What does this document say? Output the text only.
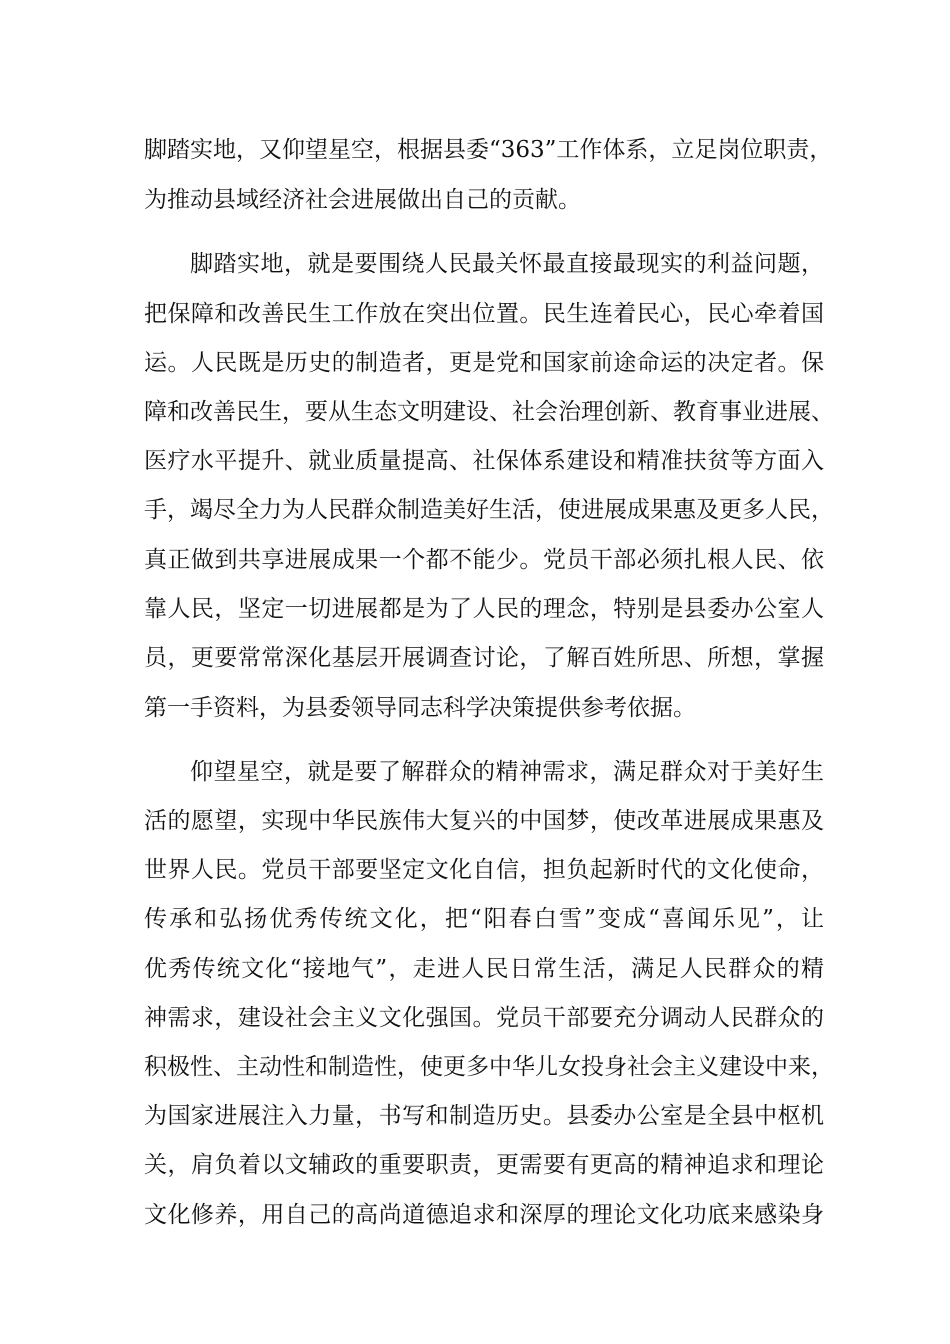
脚踏实地，又仰望星空，根据县委“363”工作体系，立足岗位职责，
为推动县域经济社会进展做出自己的贡献。
脚踏实地，就是要围绕人民最关怀最直接最现实的利益问题，
把保障和改善民生工作放在突出位置。民生连着民心，民心牵着国
运。人民既是历史的制造者，更是党和国家前途命运的决定者。保
障和改善民生，要从生态文明建设、社会治理创新、教育事业进展、
医疗水平提升、就业质量提高、社保体系建设和精准扶贫等方面入
手，竭尽全力为人民群众制造美好生活，使进展成果惠及更多人民，
真正做到共享进展成果一个都不能少。党员干部必须扎根人民、依
靠人民，坚定一切进展都是为了人民的理念，特别是县委办公室人
员，更要常常深化基层开展调查讨论，了解百姓所思、所想，掌握
第一手资料，为县委领导同志科学决策提供参考依据。
仰望星空，就是要了解群众的精神需求，满足群众对于美好生
活的愿望，实现中华民族伟大复兴的中国梦，使改革进展成果惠及
世界人民。党员干部要坚定文化自信，担负起新时代的文化使命，
传承和弘扬优秀传统文化，把“阳春白雪”变成“喜闻乐见”，让
优秀传统文化“接地气”，走进人民日常生活，满足人民群众的精
神需求，建设社会主义文化强国。党员干部要充分调动人民群众的
积极性、主动性和制造性，使更多中华儿女投身社会主义建设中来，
为国家进展注入力量，书写和制造历史。县委办公室是全县中枢机
关，肩负着以文辅政的重要职责，更需要有更高的精神追求和理论
文化修养，用自己的高尚道德追求和深厚的理论文化功底来感染身
